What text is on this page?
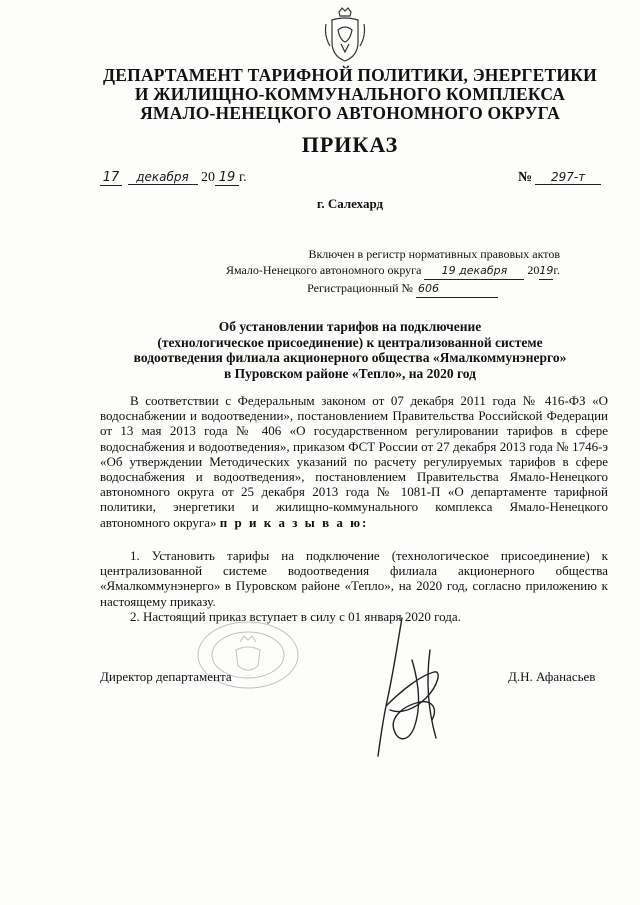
ДЕПАРТАМЕНТ ТАРИФНОЙ ПОЛИТИКИ, ЭНЕРГЕТИКИ
И ЖИЛИЩНО-КОММУНАЛЬНОГО КОМПЛЕКСА
ЯМАЛО-НЕНЕЦКОГО АВТОНОМНОГО ОКРУГА
ПРИКАЗ
17 декабря 20 19 г.	№ 297-т
г. Салехард
Включен в регистр нормативных правовых актов
Ямало-Ненецкого автономного округа 19 декабря 2019г.
Регистрационный № 606
Об установлении тарифов на подключение
(технологическое присоединение) к централизованной системе
водоотведения филиала акционерного общества «Ямалкоммунэнерго»
в Пуровском районе «Тепло», на 2020 год

В соответствии с Федеральным законом от 07 декабря 2011 года № 416-ФЗ «О водоснабжении и водоотведении», постановлением Правительства Российской Федерации от 13 мая 2013 года № 406 «О государственном регулировании тарифов в сфере водоснабжения и водоотведения», приказом ФСТ России от 27 декабря 2013 года № 1746-э «Об утверждении Методических указаний по расчету регулируемых тарифов в сфере водоснабжения и водоотведения», постановлением Правительства Ямало-Ненецкого автономного округа от 25 декабря 2013 года № 1081-П «О департаменте тарифной политики, энергетики и жилищно-коммунального комплекса Ямало-Ненецкого автономного округа» п р и к а з ы в а ю:

1. Установить тарифы на подключение (технологическое присоединение) к централизованной системе водоотведения филиала акционерного общества «Ямалкоммунэнерго» в Пуровском районе «Тепло», на 2020 год, согласно приложению к настоящему приказу.

2. Настоящий приказ вступает в силу с 01 января 2020 года.

Директор департамента	Д.Н. Афанасьев
